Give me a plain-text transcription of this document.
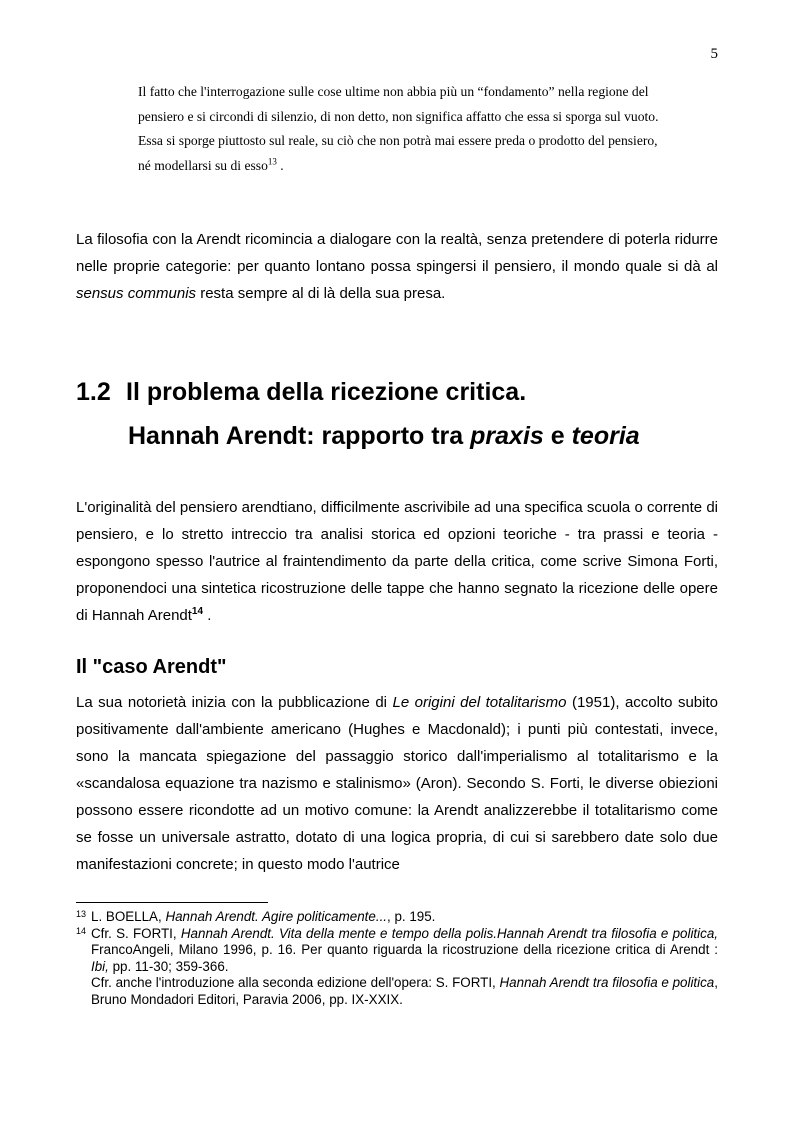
5

Il fatto che l'interrogazione sulle cose ultime non abbia più un “fondamento” nella regione del

pensiero e si circondi di silenzio, di non detto, non significa affatto che essa si sporga sul vuoto.

Essa si sporge piuttosto sul reale, su ciò che non potrà mai essere preda o prodotto del pensiero,

né modellarsi su di esso$^{13}$ .

La filosofia con la Arendt ricomincia a dialogare con la realtà, senza pretendere di poterla ridurre nelle proprie categorie: per quanto lontano possa spingersi il pensiero, il mondo quale si dà al sensus communis resta sempre al di là della sua presa.

1.2 Il problema della ricezione critica.
Hannah Arendt: rapporto tra praxis e teoria

L'originalità del pensiero arendtiano, difficilmente ascrivibile ad una specifica scuola o corrente di pensiero, e lo stretto intreccio tra analisi storica ed opzioni teoriche - tra prassi e teoria - espongono spesso l'autrice al fraintendimento da parte della critica, come scrive Simona Forti, proponendoci una sintetica ricostruzione delle tappe che hanno segnato la ricezione delle opere di Hannah Arendt$^{14}$ .

Il "caso Arendt"

La sua notorietà inizia con la pubblicazione di Le origini del totalitarismo (1951), accolto subito positivamente dall'ambiente americano (Hughes e Macdonald); i punti più contestati, invece, sono la mancata spiegazione del passaggio storico dall'imperialismo al totalitarismo e la «scandalosa equazione tra nazismo e stalinismo» (Aron). Secondo S. Forti, le diverse obiezioni possono essere ricondotte ad un motivo comune: la Arendt analizzerebbe il totalitarismo come se fosse un universale astratto, dotato di una logica propria, di cui si sarebbero date solo due manifestazioni concrete; in questo modo l'autrice

13 L. BOELLA, Hannah Arendt. Agire politicamente..., p. 195.

14 Cfr. S. FORTI, Hannah Arendt. Vita della mente e tempo della polis.Hannah Arendt tra filosofia e politica, FrancoAngeli, Milano 1996, p. 16. Per quanto riguarda la ricostruzione della ricezione critica di Arendt : Ibi, pp. 11-30; 359-366.
Cfr. anche l'introduzione alla seconda edizione dell'opera: S. FORTI, Hannah Arendt tra filosofia e politica, Bruno Mondadori Editori, Paravia 2006, pp. IX-XXIX.
